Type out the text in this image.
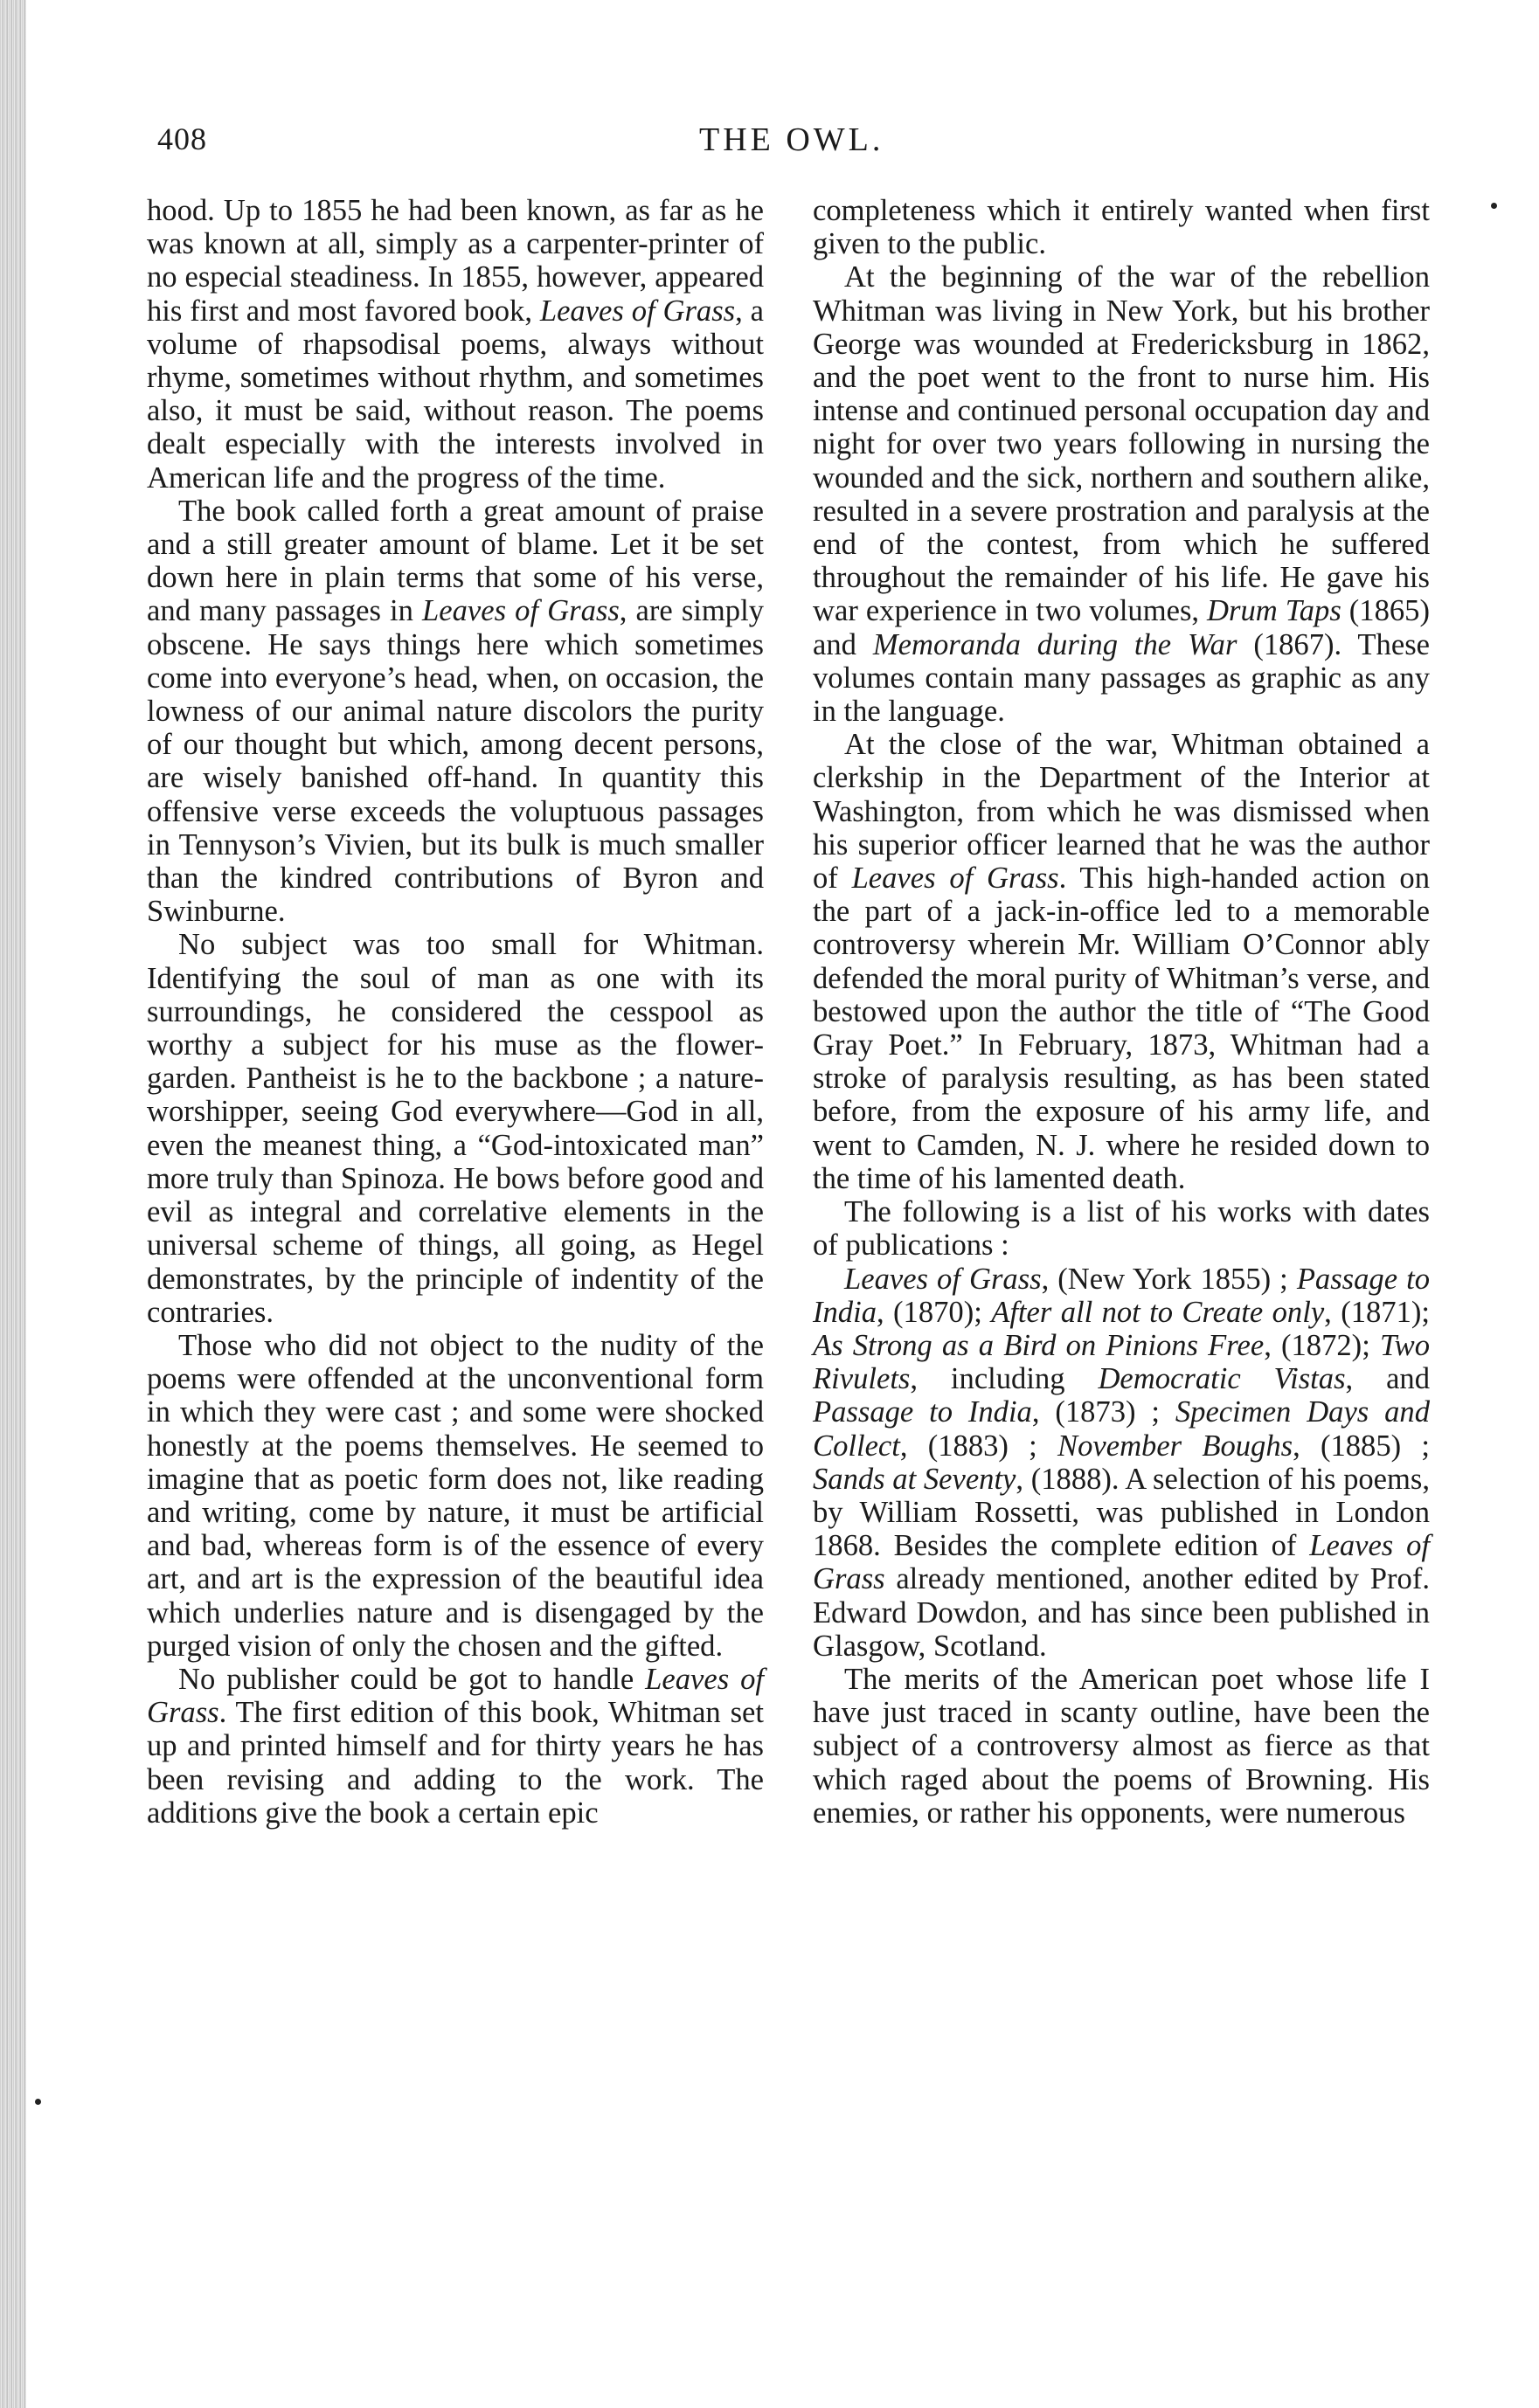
408	THE OWL.

hood. Up to 1855 he had been known, as far as he was known at all, simply as a carpenter-printer of no especial steadiness. In 1855, however, appeared his first and most favored book, Leaves of Grass, a volume of rhapsodisal poems, always without rhyme, sometimes without rhythm, and sometimes also, it must be said, without reason. The poems dealt especially with the interests involved in American life and the progress of the time.

The book called forth a great amount of praise and a still greater amount of blame. Let it be set down here in plain terms that some of his verse, and many passages in Leaves of Grass, are simply obscene. He says things here which sometimes come into everyone’s head, when, on occasion, the lowness of our animal nature discolors the purity of our thought but which, among decent persons, are wisely banished off-hand. In quantity this offensive verse exceeds the voluptuous passages in Tennyson’s Vivien, but its bulk is much smaller than the kindred contributions of Byron and Swinburne.

No subject was too small for Whitman. Identifying the soul of man as one with its surroundings, he considered the cesspool as worthy a subject for his muse as the flower-garden. Pantheist is he to the backbone ; a nature-worshipper, seeing God everywhere—God in all, even the meanest thing, a “God-intoxicated man” more truly than Spinoza. He bows before good and evil as integral and correlative elements in the universal scheme of things, all going, as Hegel demonstrates, by the principle of indentity of the contraries.

Those who did not object to the nudity of the poems were offended at the unconventional form in which they were cast ; and some were shocked honestly at the poems themselves. He seemed to imagine that as poetic form does not, like reading and writing, come by nature, it must be artificial and bad, whereas form is of the essence of every art, and art is the expression of the beautiful idea which underlies nature and is disengaged by the purged vision of only the chosen and the gifted.

No publisher could be got to handle Leaves of Grass. The first edition of this book, Whitman set up and printed himself and for thirty years he has been revising and adding to the work. The additions give the book a certain epic

completeness which it entirely wanted when first given to the public.

At the beginning of the war of the rebellion Whitman was living in New York, but his brother George was wounded at Fredericksburg in 1862, and the poet went to the front to nurse him. His intense and continued personal occupation day and night for over two years following in nursing the wounded and the sick, northern and southern alike, resulted in a severe prostration and paralysis at the end of the contest, from which he suffered throughout the remainder of his life. He gave his war experience in two volumes, Drum Taps (1865) and Memoranda during the War (1867). These volumes contain many passages as graphic as any in the language.

At the close of the war, Whitman obtained a clerkship in the Department of the Interior at Washington, from which he was dismissed when his superior officer learned that he was the author of Leaves of Grass. This high-handed action on the part of a jack-in-office led to a memorable controversy wherein Mr. William O’Connor ably defended the moral purity of Whitman’s verse, and bestowed upon the author the title of “The Good Gray Poet.” In February, 1873, Whitman had a stroke of paralysis resulting, as has been stated before, from the exposure of his army life, and went to Camden, N. J. where he resided down to the time of his lamented death.

The following is a list of his works with dates of publications :

Leaves of Grass, (New York 1855) ; Passage to India, (1870); After all not to Create only, (1871); As Strong as a Bird on Pinions Free, (1872); Two Rivulets, including Democratic Vistas, and Passage to India, (1873) ; Specimen Days and Collect, (1883) ; November Boughs, (1885) ; Sands at Seventy, (1888). A selection of his poems, by William Rossetti, was published in London 1868. Besides the complete edition of Leaves of Grass already mentioned, another edited by Prof. Edward Dowdon, and has since been published in Glasgow, Scotland.

The merits of the American poet whose life I have just traced in scanty outline, have been the subject of a controversy almost as fierce as that which raged about the poems of Browning. His enemies, or rather his opponents, were numerous
